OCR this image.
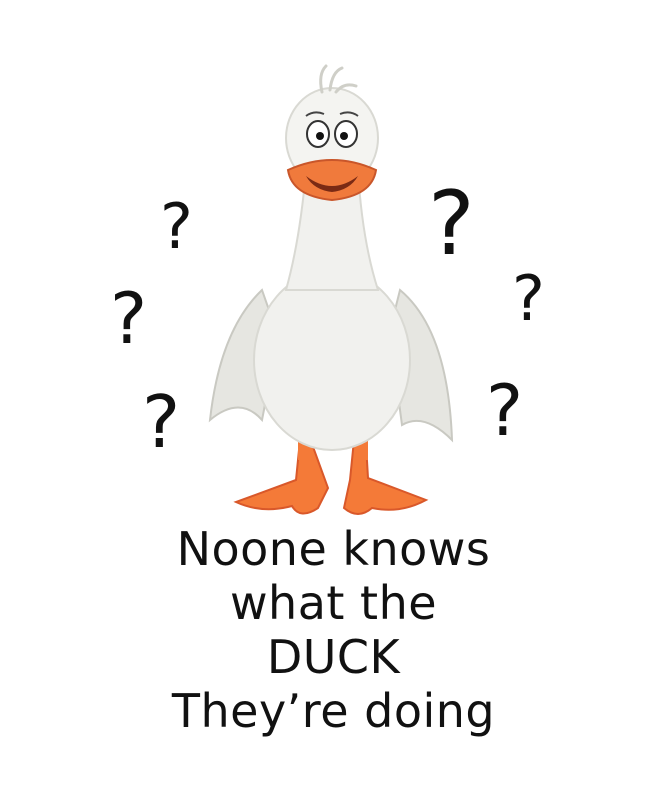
?
?
?
?
?
?
Noone knows
what the
DUCK
They’re doing
